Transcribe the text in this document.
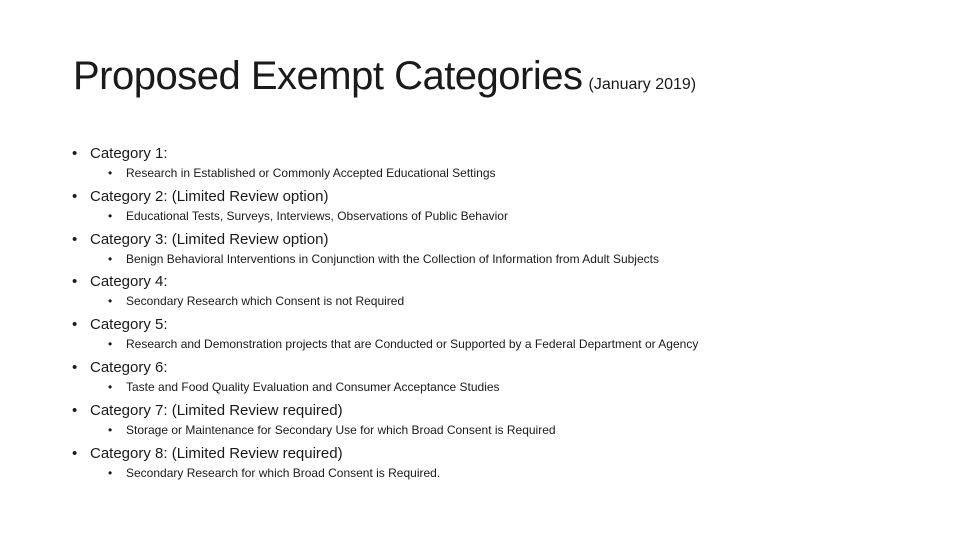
Proposed Exempt Categories (January 2019)
• Category 1:
• Research in Established or Commonly Accepted Educational Settings
• Category 2: (Limited Review option)
• Educational Tests, Surveys, Interviews, Observations of Public Behavior
• Category 3: (Limited Review option)
• Benign Behavioral Interventions in Conjunction with the Collection of Information from Adult Subjects
• Category 4:
• Secondary Research which Consent is not Required
• Category 5:
• Research and Demonstration projects that are Conducted or Supported by a Federal Department or Agency
• Category 6:
• Taste and Food Quality Evaluation and Consumer Acceptance Studies
• Category 7: (Limited Review required)
• Storage or Maintenance for Secondary Use for which Broad Consent is Required
• Category 8: (Limited Review required)
• Secondary Research for which Broad Consent is Required.
